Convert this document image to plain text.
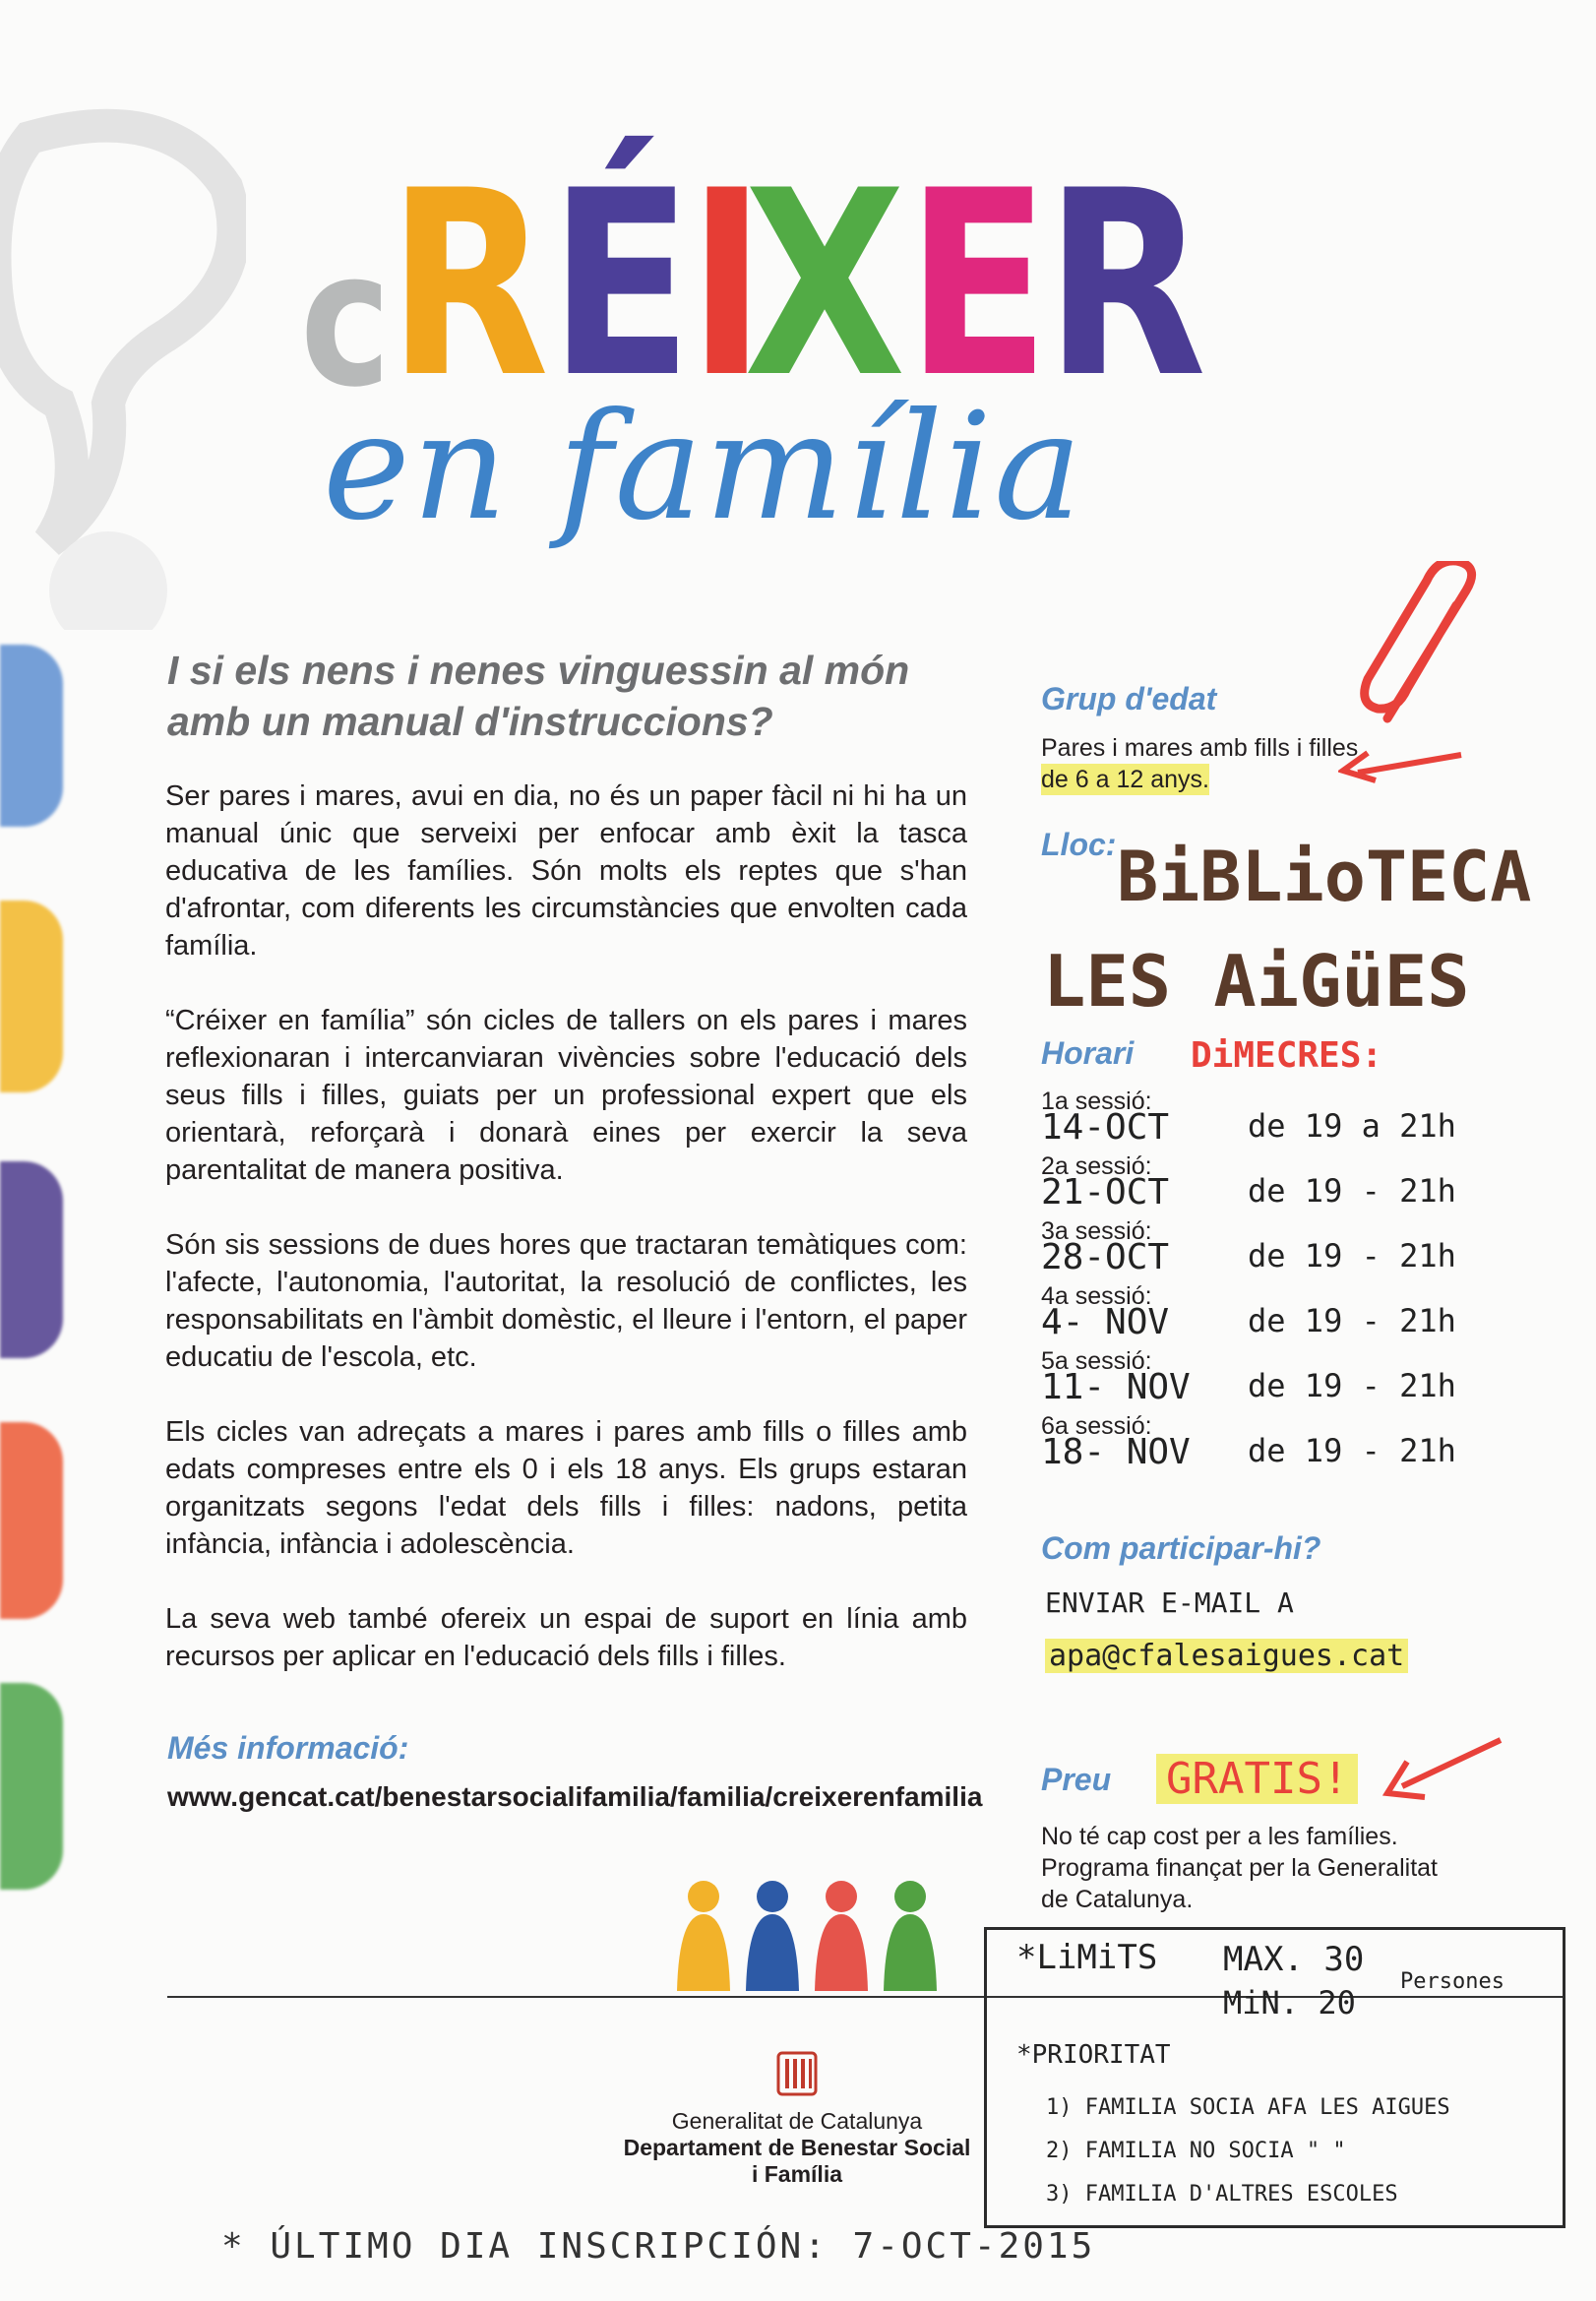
c R É I
X E R
en família
I si els nens i nenes vinguessin al món
amb un manual d'instruccions?

Ser pares i mares, avui en dia, no és un paper fàcil ni hi ha un manual únic que serveixi per enfocar amb èxit la tasca educativa de les famílies. Són molts els reptes que s'han d'afrontar, com diferents les circumstàncies que envolten cada família.

“Créixer en família” són cicles de tallers on els pares i mares reflexionaran i intercanviaran vivències sobre l'educació dels seus fills i filles, guiats per un professional expert que els orientarà, reforçarà i donarà eines per exercir la seva parentalitat de manera positiva.

Són sis sessions de dues hores que tractaran temàtiques com: l'afecte, l'autonomia, l'autoritat, la resolució de conflictes, les responsabilitats en l'àmbit domèstic, el lleure i l'entorn, el paper educatiu de l'escola, etc.

Els cicles van adreçats a mares i pares amb fills o filles amb edats compreses entre els 0 i els 18 anys. Els grups estaran organitzats segons l'edat dels fills i filles: nadons, petita infància, infància i adolescència.

La seva web també ofereix un espai de suport en línia amb recursos per aplicar en l'educació dels fills i filles.

Més informació:
www.gencat.cat/benestarsocialifamilia/familia/creixerenfamilia
Grup d'edat
Pares i mares amb fills i filles
de 6 a 12 anys.
Lloc: BiBLioTECA
LES AiGüES
Horari DiMECRES:
1a sessió:
14-OCT de 19 a 21h
2a sessió:
21-OCT de 19 - 21h
3a sessió:
28-OCT de 19 - 21h
4a sessió:
4- NOV de 19 - 21h
5a sessió:
11- NOV de 19 - 21h
6a sessió:
18- NOV de 19 - 21h
Com participar-hi?
ENVIAR E-MAIL A
apa@cfalesaigues.cat
Preu GRATIS!
No té cap cost per a les famílies.
Programa finançat per la Generalitat
de Catalunya.
Generalitat de Catalunya
Departament de Benestar Social
i Família
*LiMiTS MAX. 30
MiN. 20
Persones
*PRIORITAT
1) FAMILIA SOCIA AFA LES AIGUES
2) FAMILIA NO SOCIA " "
3) FAMILIA D'ALTRES ESCOLES
* ÚLTIMO DIA INSCRIPCIÓN: 7-OCT-2015
